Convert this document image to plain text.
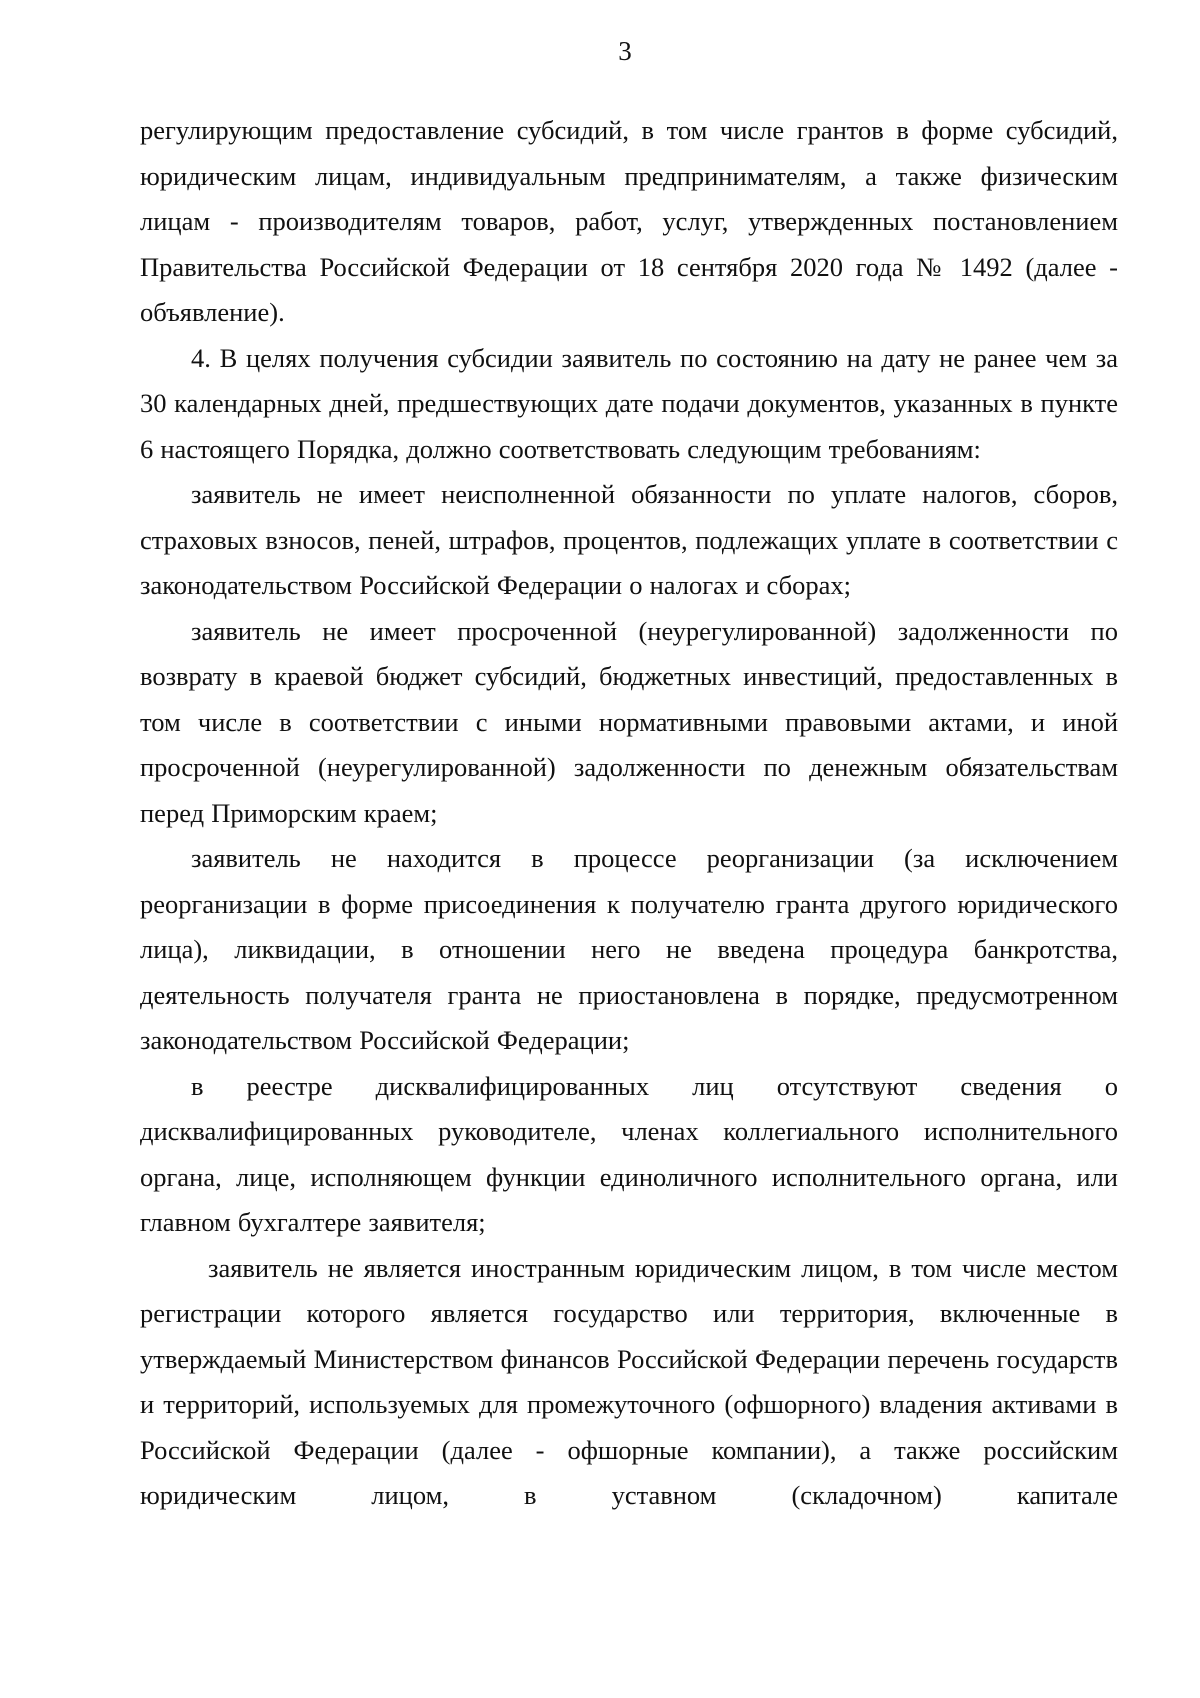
3

регулирующим предоставление субсидий, в том числе грантов в форме субсидий, юридическим лицам, индивидуальным предпринимателям, а также физическим лицам - производителям товаров, работ, услуг, утвержденных постановлением Правительства Российской Федерации от 18 сентября 2020 года № 1492 (далее - объявление).

4. В целях получения субсидии заявитель по состоянию на дату не ранее чем за 30 календарных дней, предшествующих дате подачи документов, указанных в пункте 6 настоящего Порядка, должно соответствовать следующим требованиям:

заявитель не имеет неисполненной обязанности по уплате налогов, сборов, страховых взносов, пеней, штрафов, процентов, подлежащих уплате в соответствии с законодательством Российской Федерации о налогах и сборах;

заявитель не имеет просроченной (неурегулированной) задолженности по возврату в краевой бюджет субсидий, бюджетных инвестиций, предоставленных в том числе в соответствии с иными нормативными правовыми актами, и иной просроченной (неурегулированной) задолженности по денежным обязательствам перед Приморским краем;

заявитель не находится в процессе реорганизации (за исключением реорганизации в форме присоединения к получателю гранта другого юридического лица), ликвидации, в отношении него не введена процедура банкротства, деятельность получателя гранта не приостановлена в порядке, предусмотренном законодательством Российской Федерации;

в реестре дисквалифицированных лиц отсутствуют сведения о дисквалифицированных руководителе, членах коллегиального исполнительного органа, лице, исполняющем функции единоличного исполнительного органа, или главном бухгалтере заявителя;

заявитель не является иностранным юридическим лицом, в том числе местом регистрации которого является государство или территория, включенные в утверждаемый Министерством финансов Российской Федерации перечень государств и территорий, используемых для промежуточного (офшорного) владения активами в Российской Федерации (далее - офшорные компании), а также российским юридическим лицом, в уставном (складочном) капитале
